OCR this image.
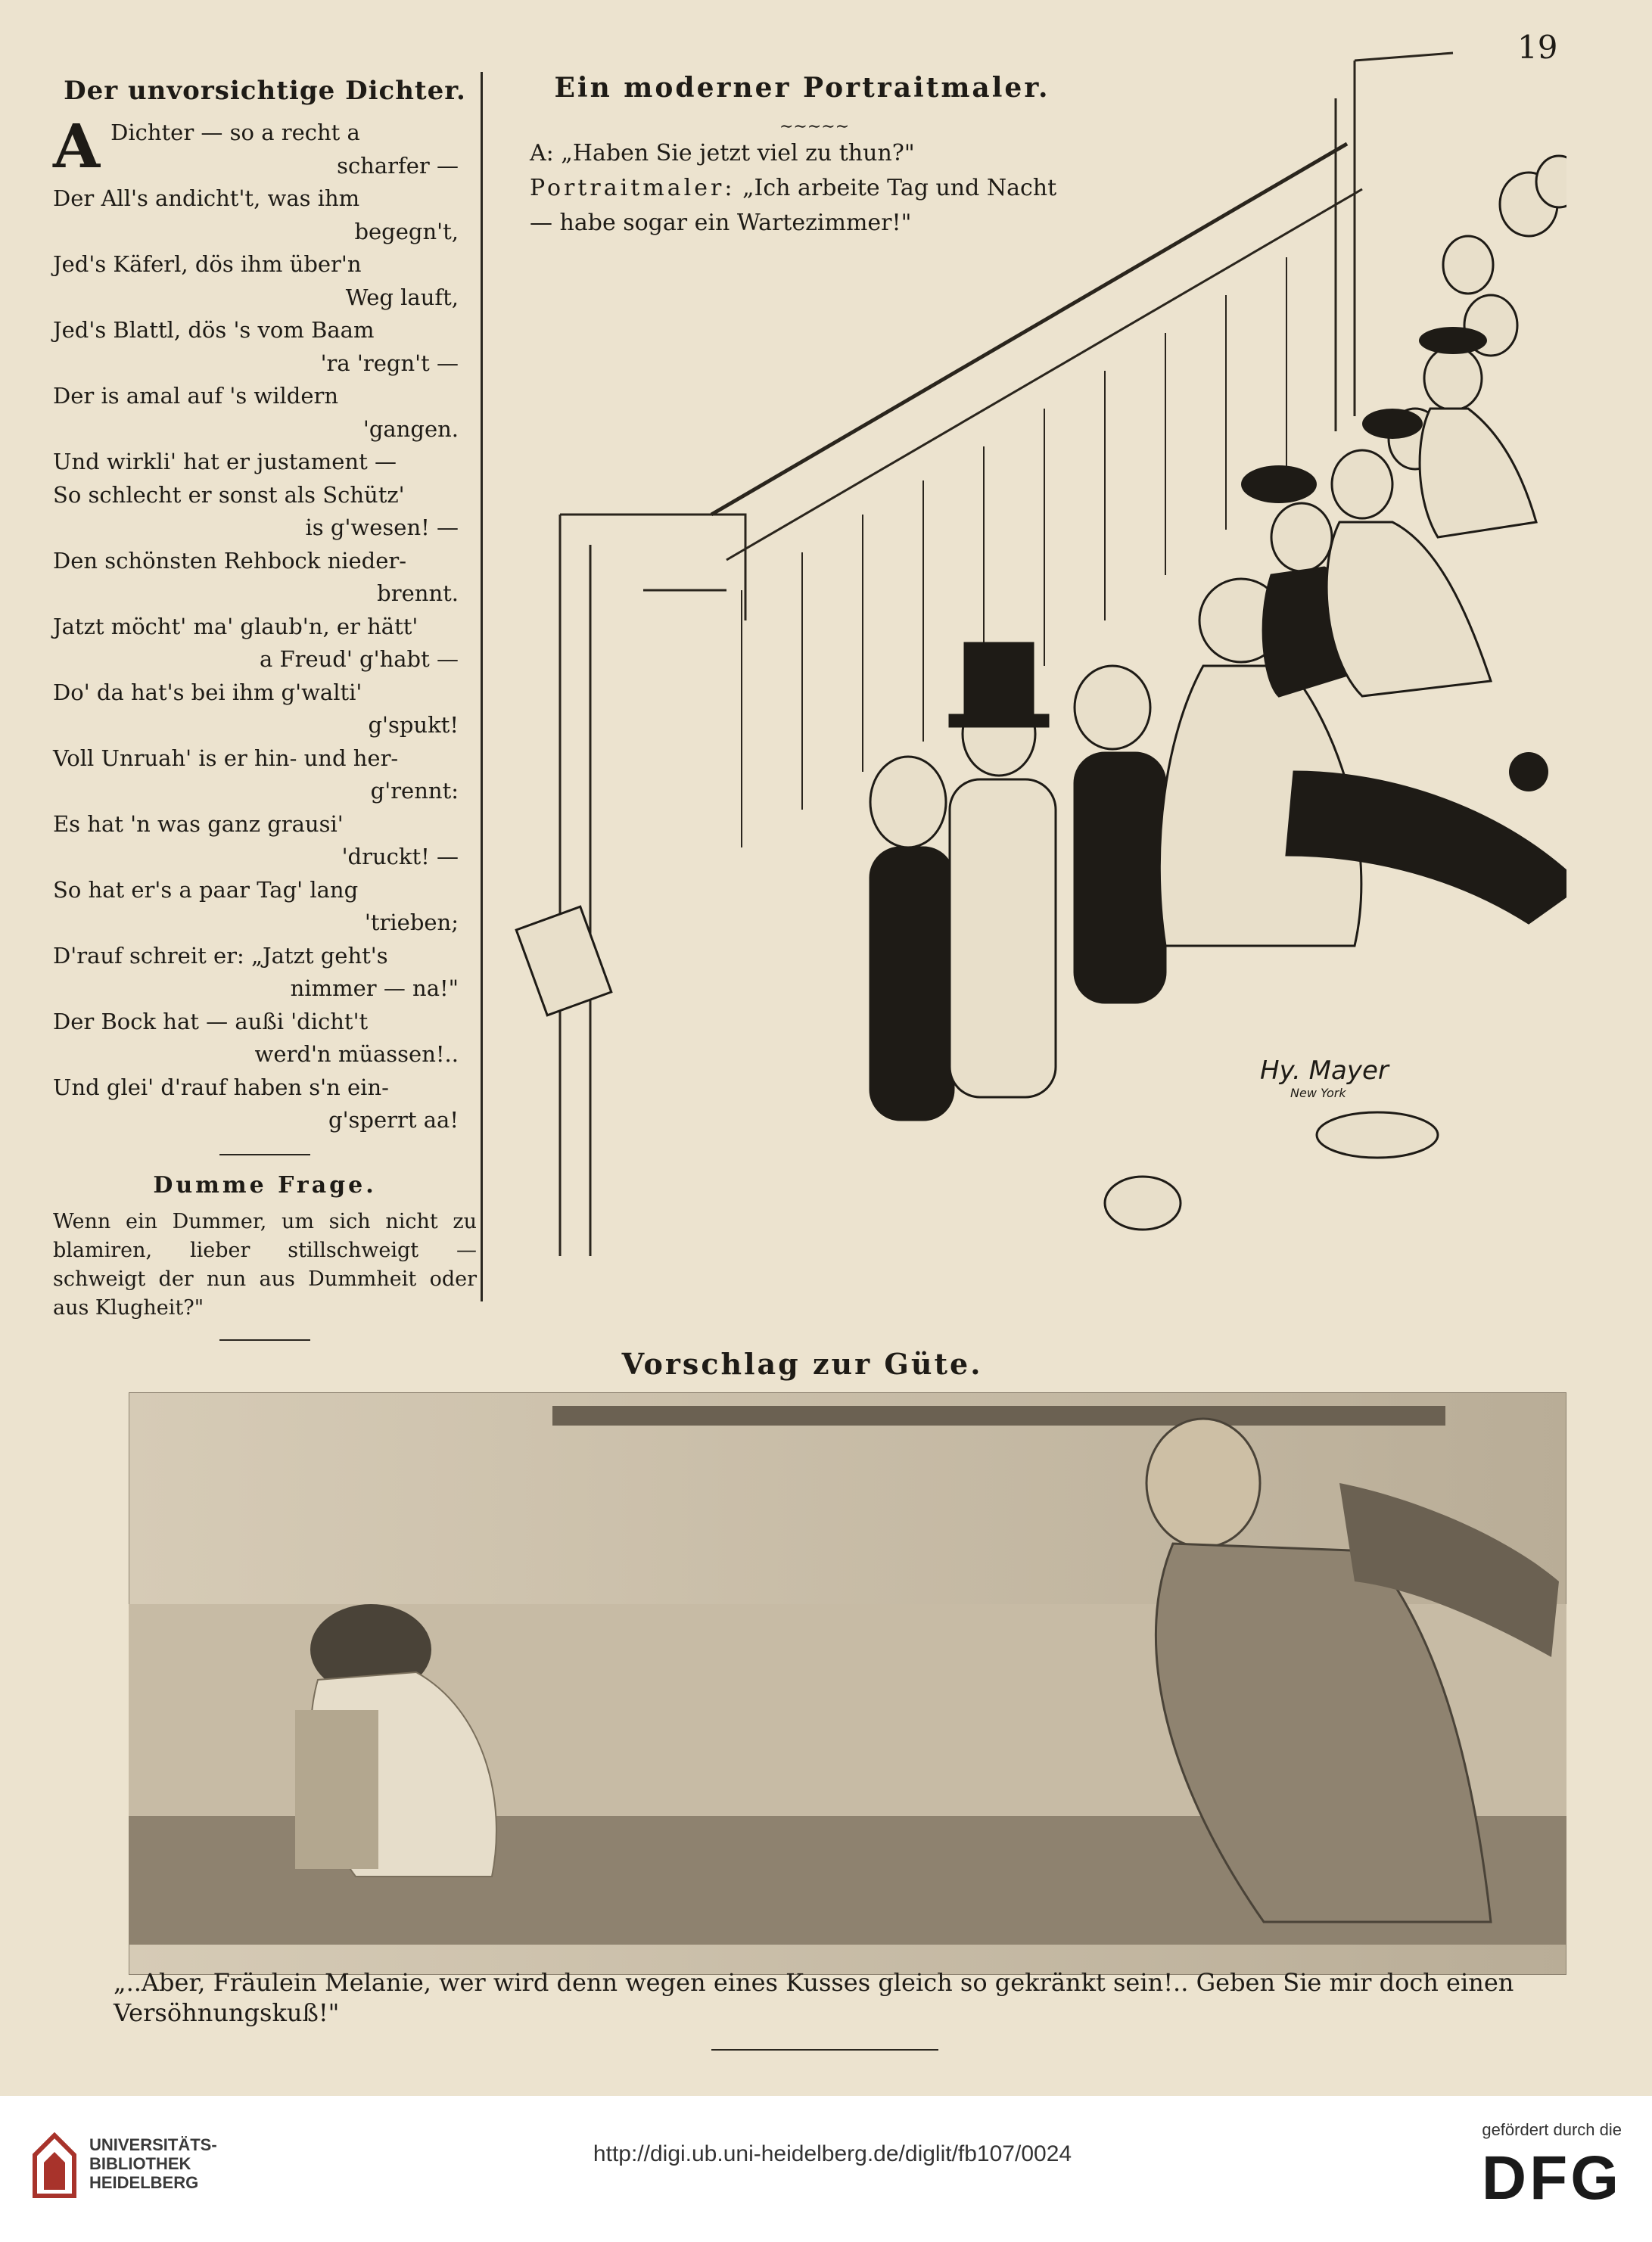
19
Der unvorsichtige Dichter.
A Dichter — so a recht a
scharfer —
Der All's andicht't, was ihm
begegn't,
Jed's Käferl, dös ihm über'n
Weg lauft,
Jed's Blattl, dös 's vom Baam
'ra 'regn't —
Der is amal auf 's wildern
'gangen.
Und wirkli' hat er justament —
So schlecht er sonst als Schütz'
is g'wesen! —
Den schönsten Rehbock nieder-
brennt.
Jatzt möcht' ma' glaub'n, er hätt'
a Freud' g'habt —
Do' da hat's bei ihm g'walti'
g'spukt!
Voll Unruah' is er hin- und her-
g'rennt:
Es hat 'n was ganz grausi'
'druckt! —
So hat er's a paar Tag' lang
'trieben;
D'rauf schreit er: „Jatzt geht's
nimmer — na!"
Der Bock hat — außi 'dicht't
werd'n müassen!..
Und glei' d'rauf haben s'n ein-
g'sperrt aa!
Dumme Frage.
Wenn ein Dummer, um sich nicht zu blamiren, lieber stillschweigt — schweigt der nun aus Dummheit oder aus Klugheit?"
Ein moderner Portraitmaler.
∼∼∼∼∼
A: „Haben Sie jetzt viel zu thun?"
Portraitmaler: „Ich arbeite Tag und Nacht
— habe sogar ein Wartezimmer!"
Hy. Mayer
New York
Vorschlag zur Güte.
„..Aber, Fräulein Melanie, wer wird denn wegen eines Kusses gleich so gekränkt sein!.. Geben Sie mir doch einen Versöhnungskuß!"
UNIVERSITÄTS-
BIBLIOTHEK
HEIDELBERG
http://digi.ub.uni-heidelberg.de/diglit/fb107/0024
gefördert durch die
DFG
